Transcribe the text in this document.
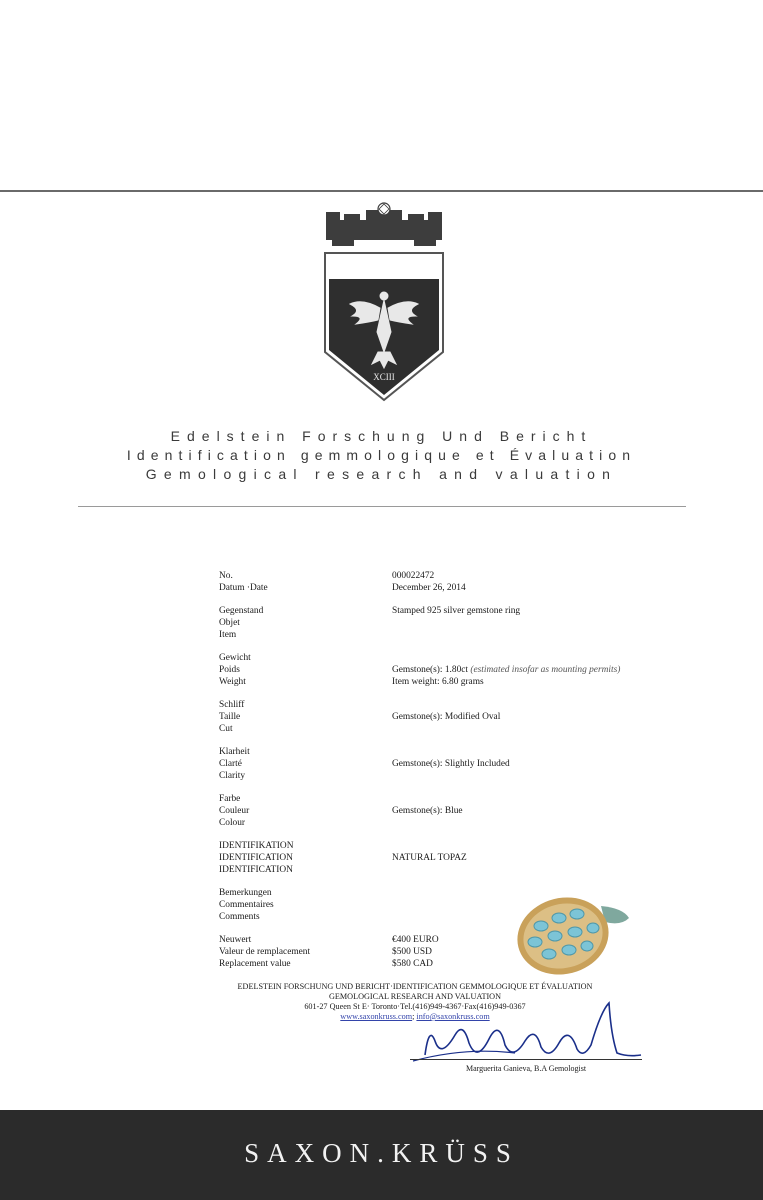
XCIII
Edelstein Forschung Und Bericht
Identification gemmologique et Évaluation
Gemological research and valuation
No.	000022472
Datum ·Date	December 26, 2014
Gegenstand
Objet
Item
Stamped 925 silver gemstone ring
Gewicht
Poids
Weight
Gemstone(s): 1.80ct (estimated insofar as mounting permits)
Item weight: 6.80 grams
Schliff
Taille
Cut
Gemstone(s): Modified Oval
Klarheit
Clarté
Clarity
Gemstone(s): Slightly Included
Farbe
Couleur
Colour
Gemstone(s): Blue
IDENTIFIKATION
IDENTIFICATION
IDENTIFICATION
NATURAL TOPAZ
Bemerkungen
Commentaires
Comments
Neuwert
Valeur de remplacement
Replacement value
€400 EURO
$500 USD
$580 CAD
EDELSTEIN FORSCHUNG UND BERICHT·IDENTIFICATION GEMMOLOGIQUE ET ÉVALUATION
GEMOLOGICAL RESEARCH AND VALUATION
601-27 Queen St E· Toronto·Tel.(416)949-4367·Fax(416)949-0367
www.saxonkruss.com; info@saxonkruss.com
Marguerita Ganieva, B.A Gemologist
SAXON.KRÜSS
